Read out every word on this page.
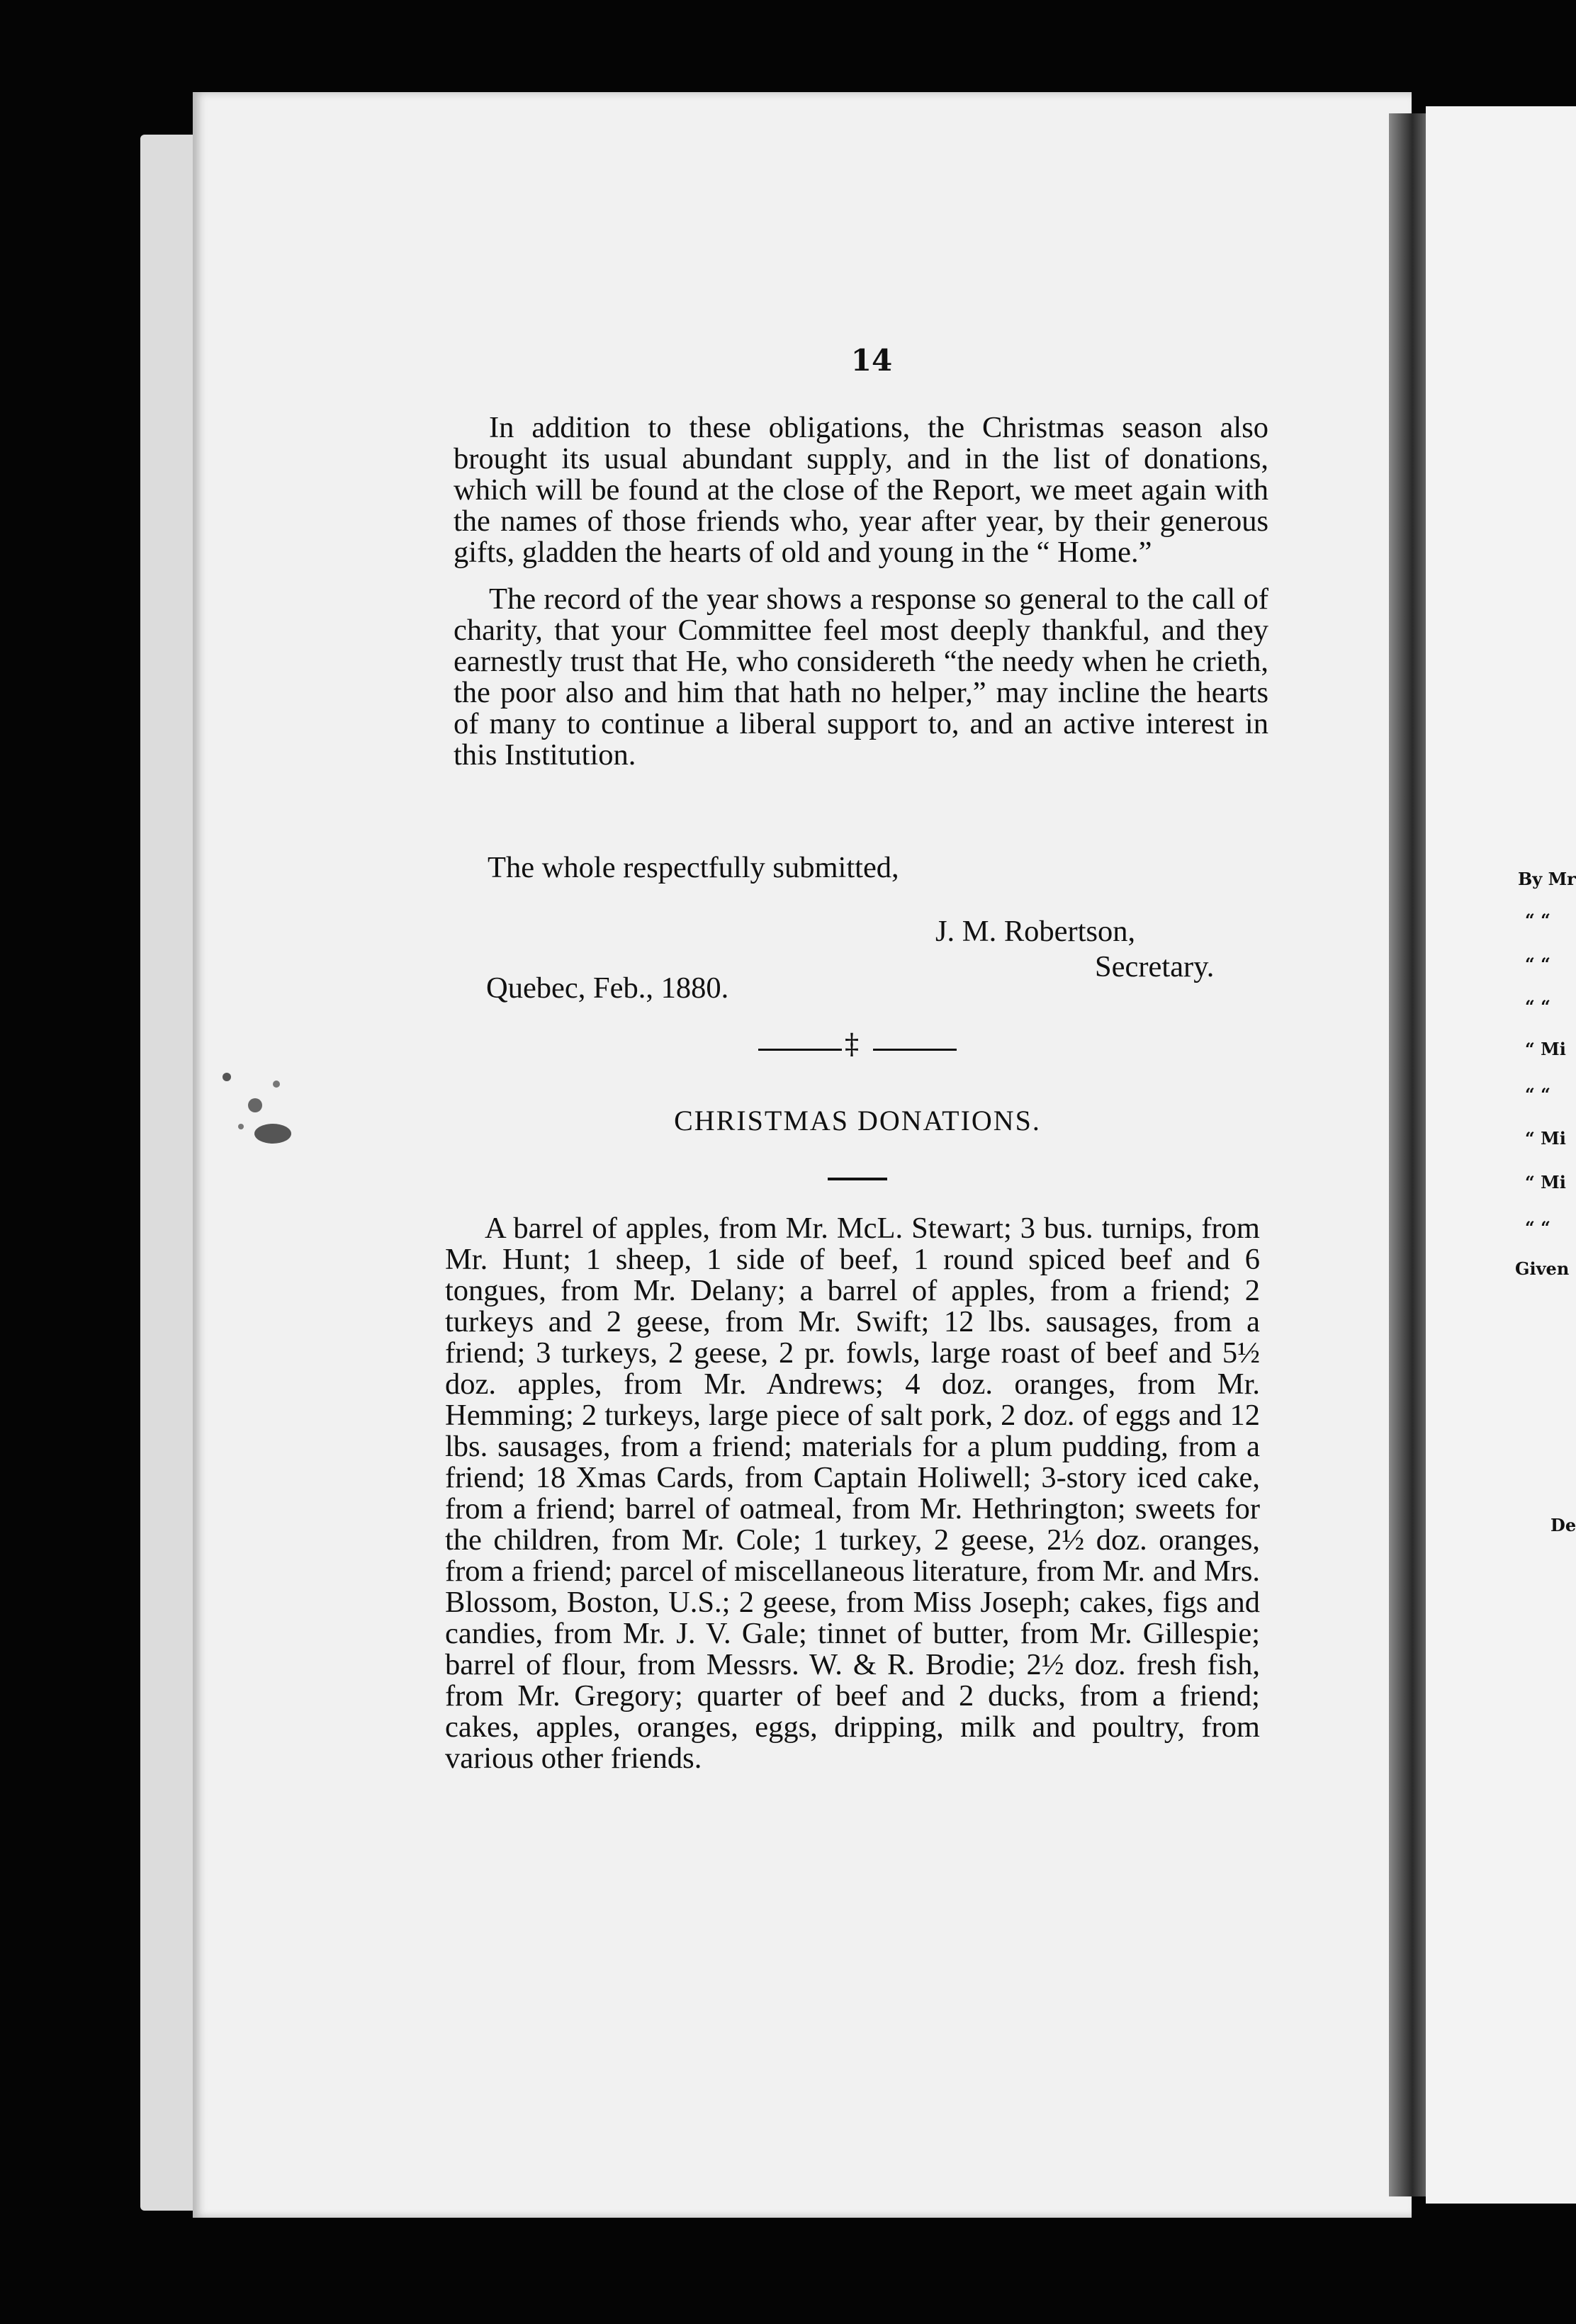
14

In addition to these obligations, the Christmas season also brought its usual abundant supply, and in the list of donations, which will be found at the close of the Report, we meet again with the names of those friends who, year after year, by their generous gifts, gladden the hearts of old and young in the “ Home.”

The record of the year shows a response so general to the call of charity, that your Committee feel most deeply thankful, and they earnestly trust that He, who considereth “the needy when he crieth, the poor also and him that hath no helper,” may incline the hearts of many to continue a liberal support to, and an active interest in this Institution.

The whole respectfully submitted,
J. M. Robertson,
Secretary.
Quebec, Feb., 1880.
‡
CHRISTMAS DONATIONS.

A barrel of apples, from Mr. McL. Stewart; 3 bus. turnips, from Mr. Hunt; 1 sheep, 1 side of beef, 1 round spiced beef and 6 tongues, from Mr. Delany; a barrel of apples, from a friend; 2 turkeys and 2 geese, from Mr. Swift; 12 lbs. sausages, from a friend; 3 turkeys, 2 geese, 2 pr. fowls, large roast of beef and 5½ doz. apples, from Mr. Andrews; 4 doz. oranges, from Mr. Hemming; 2 turkeys, large piece of salt pork, 2 doz. of eggs and 12 lbs. sausages, from a friend; materials for a plum pudding, from a friend; 18 Xmas Cards, from Captain Holiwell; 3-story iced cake, from a friend; barrel of oatmeal, from Mr. Hethrington; sweets for the children, from Mr. Cole; 1 turkey, 2 geese, 2½ doz. oranges, from a friend; parcel of miscellaneous literature, from Mr. and Mrs. Blossom, Boston, U.S.; 2 geese, from Miss Joseph; cakes, figs and candies, from Mr. J. V. Gale; tinnet of butter, from Mr. Gillespie; barrel of flour, from Messrs. W. & R. Brodie; 2½ doz. fresh fish, from Mr. Gregory; quarter of beef and 2 ducks, from a friend; cakes, apples, oranges, eggs, dripping, milk and poultry, from various other friends.

By Mr
“ “
“ “
“ “
“ Mi
“ “
“ Mi
“ Mi
“ “
Given
De
